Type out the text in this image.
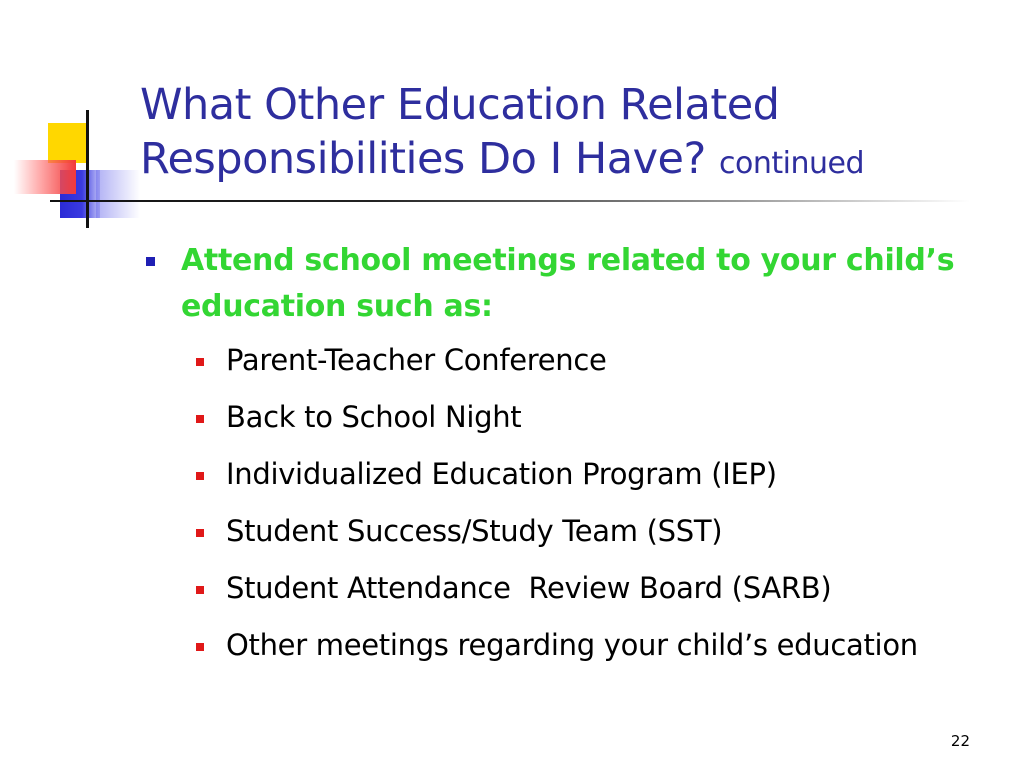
What Other Education Related
Responsibilities Do I Have? continued
Attend school meetings related to your child’s education such as:
Parent-Teacher Conference
Back to School Night
Individualized Education Program (IEP)
Student Success/Study Team (SST)
Student Attendance  Review Board (SARB)
Other meetings regarding your child’s education
22
